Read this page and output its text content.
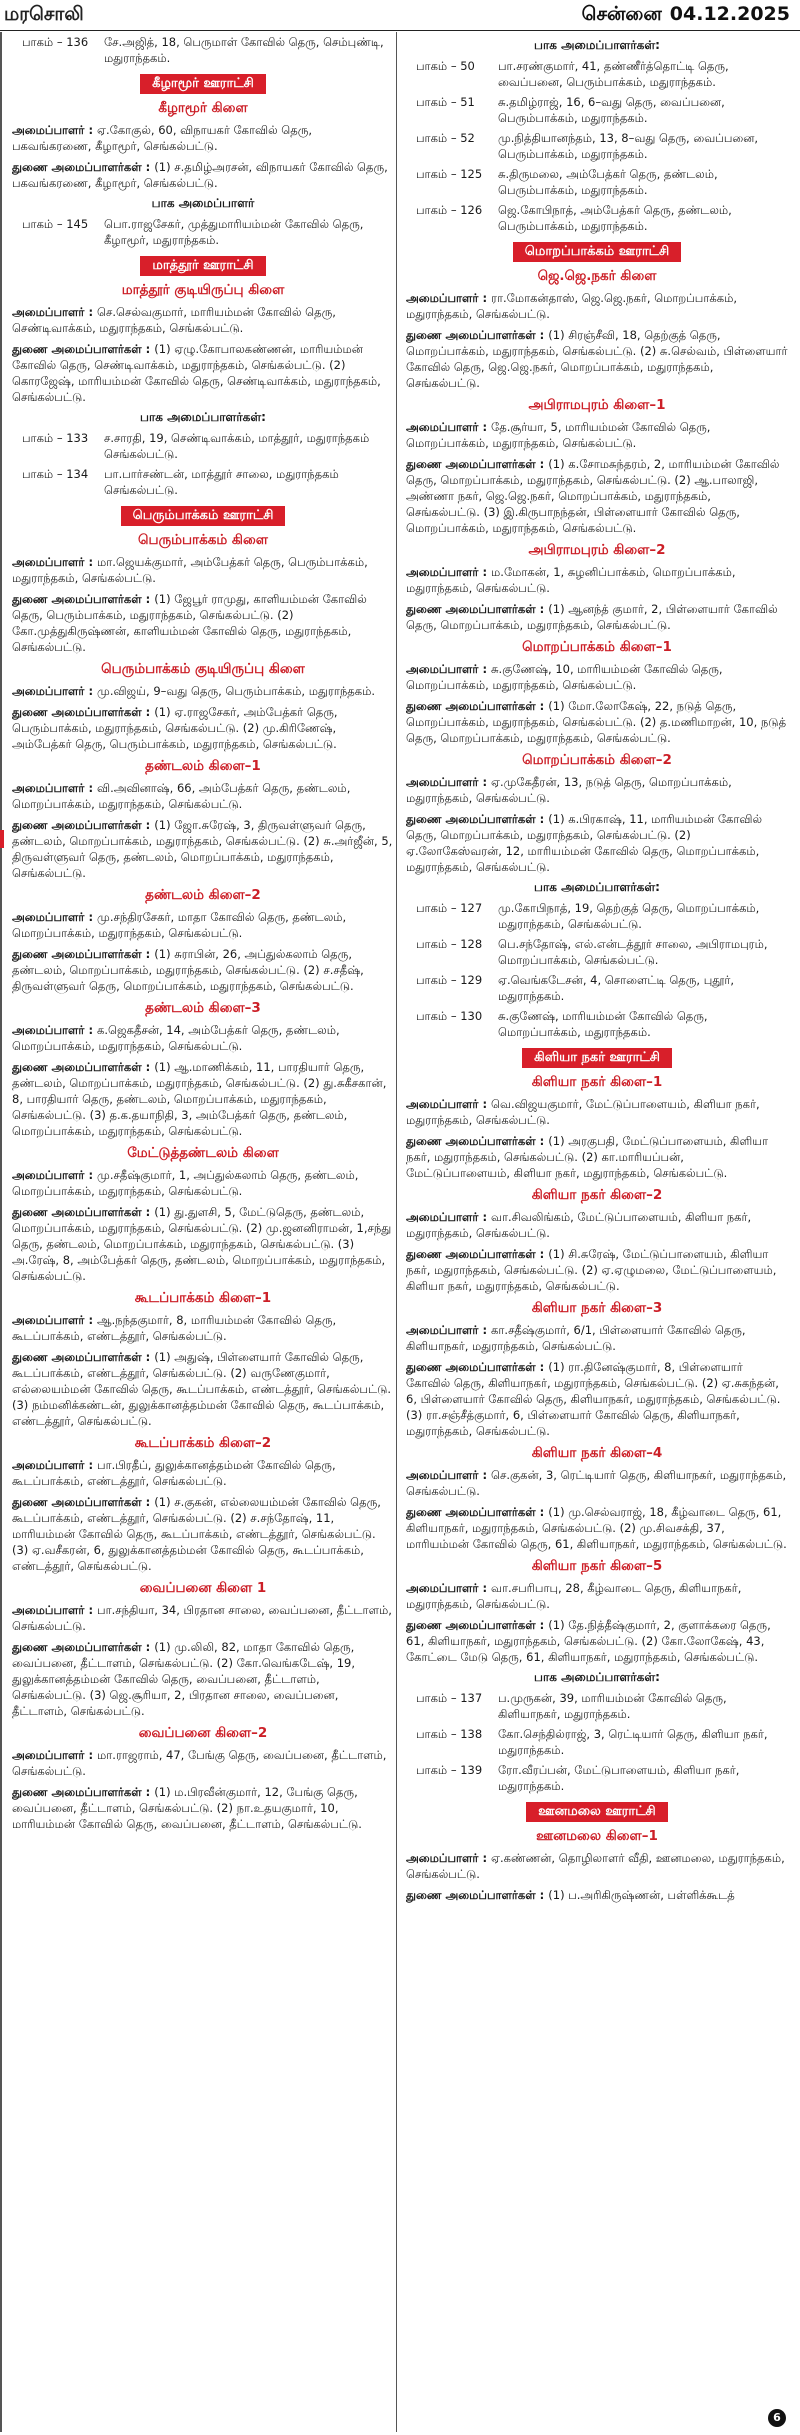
மரசொலி	சென்னை 04.12.2025
பாகம் – 136	சே.அஜித், 18, பெருமாள் கோவில் தெரு, செம்புண்டி, மதுராந்தகம்.
கீழாமூர் ஊராட்சி
கீழாமூர் கிளை
அமைப்பாளர் : ஏ.கோகுல், 60, விநாயகர் கோவில் தெரு, பகவங்கரணை, கீழாமூர், செங்கல்பட்டு.
துணை அமைப்பாளர்கள் : (1) ச.தமிழ்அரசன், விநாயகர் கோவில் தெரு, பகவங்கரணை, கீழாமூர், செங்கல்பட்டு.
பாக அமைப்பாளர்
பாகம் – 145	பொ.ராஜசேகர், முத்துமாரியம்மன் கோவில் தெரு, கீழாமூர், மதுராந்தகம்.
மாத்தூர் ஊராட்சி
மாத்தூர் குடியிருப்பு கிளை
அமைப்பாளர் : செ.செல்வகுமார், மாரியம்மன் கோவில் தெரு, செண்டிவாக்கம், மதுராந்தகம், செங்கல்பட்டு.
துணை அமைப்பாளர்கள் : (1) ஏழு.கோபாலகண்ணன், மாரியம்மன் கோவில் தெரு, செண்டிவாக்கம், மதுராந்தகம், செங்கல்பட்டு. (2) கொரஜேஷ், மாரியம்மன் கோவில் தெரு, செண்டிவாக்கம், மதுராந்தகம், செங்கல்பட்டு.
பாக அமைப்பாளர்கள்:
பாகம் – 133	ச.சாரதி, 19, செண்டிவாக்கம், மாத்தூர், மதுராந்தகம் செங்கல்பட்டு.
பாகம் – 134	பா.பார்சண்டன், மாத்தூர் சாலை, மதுராந்தகம் செங்கல்பட்டு.
பெரும்பாக்கம் ஊராட்சி
பெரும்பாக்கம் கிளை
அமைப்பாளர் : மா.ஜெயக்குமார், அம்பேத்கர் தெரு, பெரும்பாக்கம், மதுராந்தகம், செங்கல்பட்டு.
துணை அமைப்பாளர்கள் : (1) ஜேபூர் ராமுது, காளியம்மன் கோவில் தெரு, பெரும்பாக்கம், மதுராந்தகம், செங்கல்பட்டு. (2) கோ.முத்துகிருஷ்ணன், காளியம்மன் கோவில் தெரு, மதுராந்தகம், செங்கல்பட்டு.
பெரும்பாக்கம் குடியிருப்பு கிளை
அமைப்பாளர் : மு.விஜய், 9–வது தெரு, பெரும்பாக்கம், மதுராந்தகம்.
துணை அமைப்பாளர்கள் : (1) ஏ.ராஜசேகர், அம்பேத்கர் தெரு, பெரும்பாக்கம், மதுராந்தகம், செங்கல்பட்டு. (2) மு.கிரிணேஷ், அம்பேத்கர் தெரு, பெரும்பாக்கம், மதுராந்தகம், செங்கல்பட்டு.
தண்டலம் கிளை–1
அமைப்பாளர் : வி.அவினாஷ், 66, அம்பேத்கர் தெரு, தண்டலம், மொறப்பாக்கம், மதுராந்தகம், செங்கல்பட்டு.
துணை அமைப்பாளர்கள் : (1) ஜோ.சுரேஷ், 3, திருவள்ளுவர் தெரு, தண்டலம், மொறப்பாக்கம், மதுராந்தகம், செங்கல்பட்டு. (2) சு.அர்ஜீன், 5, திருவள்ளுவர் தெரு, தண்டலம், மொறப்பாக்கம், மதுராந்தகம், செங்கல்பட்டு.
தண்டலம் கிளை–2
அமைப்பாளர் : மு.சந்திரசேகர், மாதா கோவில் தெரு, தண்டலம், மொறப்பாக்கம், மதுராந்தகம், செங்கல்பட்டு.
துணை அமைப்பாளர்கள் : (1) சுராபின், 26, அப்துல்கலாம் தெரு, தண்டலம், மொறப்பாக்கம், மதுராந்தகம், செங்கல்பட்டு. (2) ச.சதீஷ், திருவள்ளுவர் தெரு, மொறப்பாக்கம், மதுராந்தகம், செங்கல்பட்டு.
தண்டலம் கிளை–3
அமைப்பாளர் : க.ஜெகதீசன், 14, அம்பேத்கர் தெரு, தண்டலம், மொறப்பாக்கம், மதுராந்தகம், செங்கல்பட்டு.
துணை அமைப்பாளர்கள் : (1) ஆ.மாணிக்கம், 11, பாரதியார் தெரு, தண்டலம், மொறப்பாக்கம், மதுராந்தகம், செங்கல்பட்டு. (2) து.சுகீசகான், 8, பாரதியார் தெரு, தண்டலம், மொறப்பாக்கம், மதுராந்தகம், செங்கல்பட்டு. (3) த.க.தயாநிதி, 3, அம்பேத்கர் தெரு, தண்டலம், மொறப்பாக்கம், மதுராந்தகம், செங்கல்பட்டு.
மேட்டுத்தண்டலம் கிளை
அமைப்பாளர் : மு.சதீஷ்குமார், 1, அப்துல்கலாம் தெரு, தண்டலம், மொறப்பாக்கம், மதுராந்தகம், செங்கல்பட்டு.
துணை அமைப்பாளர்கள் : (1) து.துளசி, 5, மேட்டுதெரு, தண்டலம், மொறப்பாக்கம், மதுராந்தகம், செங்கல்பட்டு. (2) மு.ஜனனிராமன், 1,சந்து தெரு, தண்டலம், மொறப்பாக்கம், மதுராந்தகம், செங்கல்பட்டு. (3) அ.ரேஷ், 8, அம்பேத்கர் தெரு, தண்டலம், மொறப்பாக்கம், மதுராந்தகம், செங்கல்பட்டு.
கூடப்பாக்கம் கிளை–1
அமைப்பாளர் : ஆ.நந்தகுமார், 8, மாரியம்மன் கோவில் தெரு, கூடப்பாக்கம், எண்டத்தூர், செங்கல்பட்டு.
துணை அமைப்பாளர்கள் : (1) அதுஷ், பிள்ளையார் கோவில் தெரு, கூடப்பாக்கம், எண்டத்தூர், செங்கல்பட்டு. (2) வருணேகுமார், எல்லையம்மன் கோவில் தெரு, கூடப்பாக்கம், எண்டத்தூர், செங்கல்பட்டு. (3) நம்மனிக்கண்டன், துலுக்கானத்தம்மன் கோவில் தெரு, கூடப்பாக்கம், எண்டத்தூர், செங்கல்பட்டு.
கூடப்பாக்கம் கிளை–2
அமைப்பாளர் : பா.பிரதீப், துலுக்கானத்தம்மன் கோவில் தெரு, கூடப்பாக்கம், எண்டத்தூர், செங்கல்பட்டு.
துணை அமைப்பாளர்கள் : (1) ச.குகன், எல்லையம்மன் கோவில் தெரு, கூடப்பாக்கம், எண்டத்தூர், செங்கல்பட்டு. (2) ச.சந்தோஷ், 11, மாரியம்மன் கோவில் தெரு, கூடப்பாக்கம், எண்டத்தூர், செங்கல்பட்டு. (3) ஏ.வசீகரன், 6, துலுக்கானத்தம்மன் கோவில் தெரு, கூடப்பாக்கம், எண்டத்தூர், செங்கல்பட்டு.
வைப்பனை கிளை 1
அமைப்பாளர் : பா.சந்தியா, 34, பிரதான சாலை, வைப்பனை, தீட்டாளம், செங்கல்பட்டு.
துணை அமைப்பாளர்கள் : (1) மு.லிலி, 82, மாதா கோவில் தெரு, வைப்பனை, தீட்டாளம், செங்கல்பட்டு. (2) கோ.வெங்கடேஷ், 19, துலுக்கானத்தம்மன் கோவில் தெரு, வைப்பனை, தீட்டாளம், செங்கல்பட்டு. (3) ஜெ.சூரியா, 2, பிரதான சாலை, வைப்பனை, தீட்டாளம், செங்கல்பட்டு.
வைப்பனை கிளை–2
அமைப்பாளர் : மா.ராஜராம், 47, பேங்கு தெரு, வைப்பனை, தீட்டாளம், செங்கல்பட்டு.
துணை அமைப்பாளர்கள் : (1) ம.பிரவீன்குமார், 12, பேங்கு தெரு, வைப்பனை, தீட்டாளம், செங்கல்பட்டு. (2) நா.உதயகுமார், 10, மாரியம்மன் கோவில் தெரு, வைப்பனை, தீட்டாளம், செங்கல்பட்டு.
பாக அமைப்பாளர்கள்:
பாகம் – 50	பா.சரண்குமார், 41, தண்ணீர்த்தொட்டி தெரு, வைப்பனை, பெரும்பாக்கம், மதுராந்தகம்.
பாகம் – 51	சு.தமிழ்ராஜ், 16, 6–வது தெரு, வைப்பனை, பெரும்பாக்கம், மதுராந்தகம்.
பாகம் – 52	மு.நித்தியானந்தம், 13, 8–வது தெரு, வைப்பனை, பெரும்பாக்கம், மதுராந்தகம்.
பாகம் – 125	சு.திருமலை, அம்பேத்கர் தெரு, தண்டலம், பெரும்பாக்கம், மதுராந்தகம்.
பாகம் – 126	ஜெ.கோபிநாத், அம்பேத்கர் தெரு, தண்டலம், பெரும்பாக்கம், மதுராந்தகம்.
மொறப்பாக்கம் ஊராட்சி
ஜெ.ஜெ.நகர் கிளை
அமைப்பாளர் : ரா.மோகன்தாஸ், ஜெ.ஜெ.நகர், மொறப்பாக்கம், மதுராந்தகம், செங்கல்பட்டு.
துணை அமைப்பாளர்கள் : (1) சிரஞ்சீவி, 18, தெற்குத் தெரு, மொறப்பாக்கம், மதுராந்தகம், செங்கல்பட்டு. (2) சு.செல்வம், பிள்ளையார் கோவில் தெரு, ஜெ.ஜெ.நகர், மொறப்பாக்கம், மதுராந்தகம், செங்கல்பட்டு.
அபிராமபுரம் கிளை–1
அமைப்பாளர் : தே.சூர்யா, 5, மாரியம்மன் கோவில் தெரு, மொறப்பாக்கம், மதுராந்தகம், செங்கல்பட்டு.
துணை அமைப்பாளர்கள் : (1) க.சோமசுந்தரம், 2, மாரியம்மன் கோவில் தெரு, மொறப்பாக்கம், மதுராந்தகம், செங்கல்பட்டு. (2) ஆ.பாலாஜி, அண்ணா நகர், ஜெ.ஜெ.நகர், மொறப்பாக்கம், மதுராந்தகம், செங்கல்பட்டு. (3) இ.கிருபாநந்தன், பிள்ளையார் கோவில் தெரு, மொறப்பாக்கம், மதுராந்தகம், செங்கல்பட்டு.
அபிராமபுரம் கிளை–2
அமைப்பாளர் : ம.மோகன், 1, சுழனிப்பாக்கம், மொறப்பாக்கம், மதுராந்தகம், செங்கல்பட்டு.
துணை அமைப்பாளர்கள் : (1) ஆனந்த் குமார், 2, பிள்ளையார் கோவில் தெரு, மொறப்பாக்கம், மதுராந்தகம், செங்கல்பட்டு.
மொறப்பாக்கம் கிளை–1
அமைப்பாளர் : சு.குணேஷ், 10, மாரியம்மன் கோவில் தெரு, மொறப்பாக்கம், மதுராந்தகம், செங்கல்பட்டு.
துணை அமைப்பாளர்கள் : (1) மோ.லோகேஷ், 22, நடுத் தெரு, மொறப்பாக்கம், மதுராந்தகம், செங்கல்பட்டு. (2) த.மணிமாறன், 10, நடுத் தெரு, மொறப்பாக்கம், மதுராந்தகம், செங்கல்பட்டு.
மொறப்பாக்கம் கிளை–2
அமைப்பாளர் : ஏ.முகேதீரன், 13, நடுத் தெரு, மொறப்பாக்கம், மதுராந்தகம், செங்கல்பட்டு.
துணை அமைப்பாளர்கள் : (1) க.பிரகாஷ், 11, மாரியம்மன் கோவில் தெரு, மொறப்பாக்கம், மதுராந்தகம், செங்கல்பட்டு. (2) ஏ.லோகேஸ்வரன், 12, மாரியம்மன் கோவில் தெரு, மொறப்பாக்கம், மதுராந்தகம், செங்கல்பட்டு.
பாக அமைப்பாளர்கள்:
பாகம் – 127	மு.கோபிநாத், 19, தெற்குத் தெரு, மொறப்பாக்கம், மதுராந்தகம், செங்கல்பட்டு.
பாகம் – 128	பெ.சந்தோஷ், எல்.என்டத்தூர் சாலை, அபிராமபுரம், மொறப்பாக்கம், செங்கல்பட்டு.
பாகம் – 129	ஏ.வெங்கடேசன், 4, சொளைட்டி தெரு, புதூர், மதுராந்தகம்.
பாகம் – 130	சு.குணேஷ், மாரியம்மன் கோவில் தெரு, மொறப்பாக்கம், மதுராந்தகம்.
கிளியா நகர் ஊராட்சி
கிளியா நகர் கிளை–1
அமைப்பாளர் : வெ.விஜயகுமார், மேட்டுப்பாளையம், கிளியா நகர், மதுராந்தகம், செங்கல்பட்டு.
துணை அமைப்பாளர்கள் : (1) அரகுபதி, மேட்டுப்பாளையம், கிளியா நகர், மதுராந்தகம், செங்கல்பட்டு. (2) கா.மாரியப்பன், மேட்டுப்பாளையம், கிளியா நகர், மதுராந்தகம், செங்கல்பட்டு.
கிளியா நகர் கிளை–2
அமைப்பாளர் : வா.சிவலிங்கம், மேட்டுப்பாளையம், கிளியா நகர், மதுராந்தகம், செங்கல்பட்டு.
துணை அமைப்பாளர்கள் : (1) சி.சுரேஷ், மேட்டுப்பாளையம், கிளியா நகர், மதுராந்தகம், செங்கல்பட்டு. (2) ஏ.ஏழுமலை, மேட்டுப்பாளையம், கிளியா நகர், மதுராந்தகம், செங்கல்பட்டு.
கிளியா நகர் கிளை–3
அமைப்பாளர் : கா.சதீஷ்குமார், 6/1, பிள்ளையார் கோவில் தெரு, கிளியாநகர், மதுராந்தகம், செங்கல்பட்டு.
துணை அமைப்பாளர்கள் : (1) ரா.தினேஷ்குமார், 8, பிள்ளையார் கோவில் தெரு, கிளியாநகர், மதுராந்தகம், செங்கல்பட்டு. (2) ஏ.சுகந்தன், 6, பிள்ளையார் கோவில் தெரு, கிளியாநகர், மதுராந்தகம், செங்கல்பட்டு. (3) ரா.சஞ்சீத்குமார், 6, பிள்ளையார் கோவில் தெரு, கிளியாநகர், மதுராந்தகம், செங்கல்பட்டு.
கிளியா நகர் கிளை–4
அமைப்பாளர் : செ.குகன், 3, ரெட்டியார் தெரு, கிளியாநகர், மதுராந்தகம், செங்கல்பட்டு.
துணை அமைப்பாளர்கள் : (1) மு.செல்வராஜ், 18, கீழ்வாடை தெரு, 61, கிளியாநகர், மதுராந்தகம், செங்கல்பட்டு. (2) மு.சிவசக்தி, 37, மாரியம்மன் கோவில் தெரு, 61, கிளியாநகர், மதுராந்தகம், செங்கல்பட்டு.
கிளியா நகர் கிளை–5
அமைப்பாளர் : வா.சபரிபாபு, 28, கீழ்வாடை தெரு, கிளியாநகர், மதுராந்தகம், செங்கல்பட்டு.
துணை அமைப்பாளர்கள் : (1) தே.நித்தீஷ்குமார், 2, குளாக்கரை தெரு, 61, கிளியாநகர், மதுராந்தகம், செங்கல்பட்டு. (2) கோ.லோகேஷ், 43, கோட்டை மேடு தெரு, 61, கிளியாநகர், மதுராந்தகம், செங்கல்பட்டு.
பாக அமைப்பாளர்கள்:
பாகம் – 137	ப.முருகன், 39, மாரியம்மன் கோவில் தெரு, கிளியாநகர், மதுராந்தகம்.
பாகம் – 138	கோ.செந்தில்ராஜ், 3, ரெட்டியார் தெரு, கிளியா நகர், மதுராந்தகம்.
பாகம் – 139	ரோ.வீரப்பன், மேட்டுபாளையம், கிளியா நகர், மதுராந்தகம்.
ஊனமலை ஊராட்சி
ஊனமலை கிளை–1
அமைப்பாளர் : ஏ.கண்ணன், தொழிலாளர் வீதி, ஊனமலை, மதுராந்தகம், செங்கல்பட்டு.
துணை அமைப்பாளர்கள் : (1) ப.அரிகிருஷ்ணன், பள்ளிக்கூடத்
6
